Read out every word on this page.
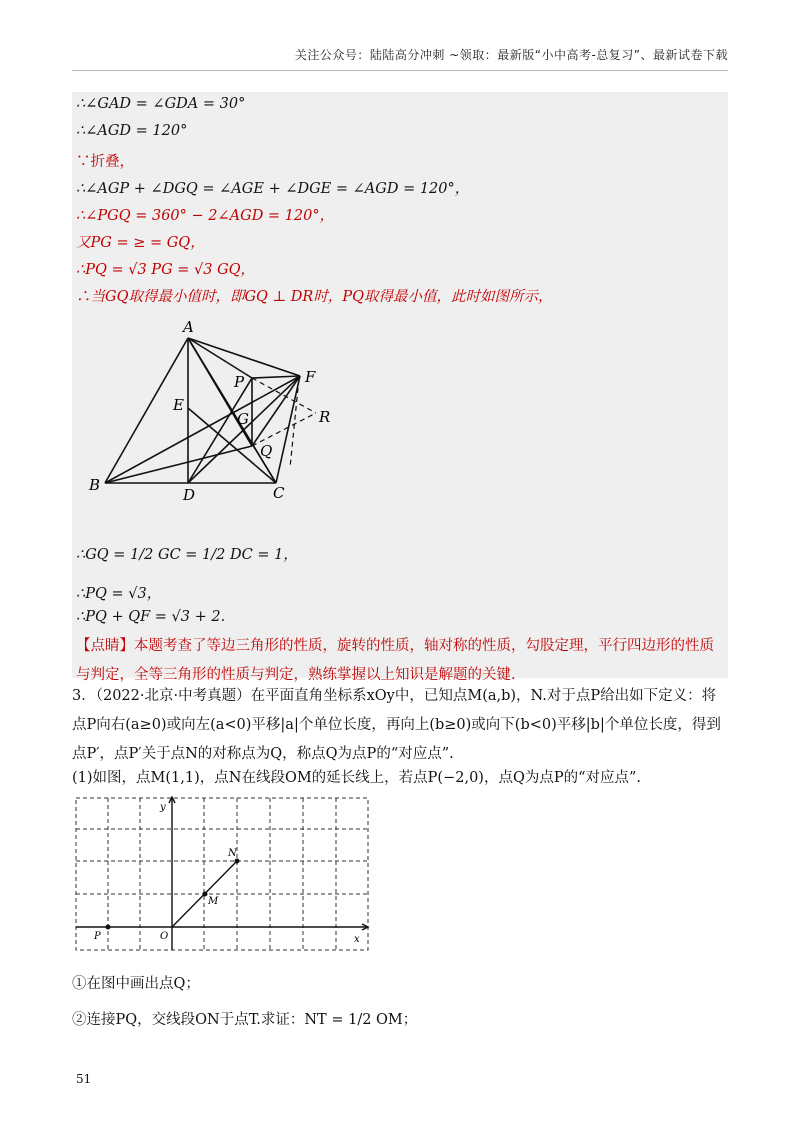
关注公众号：陆陆高分冲刺 ~领取：最新版“小中高考-总复习”、最新试卷下载
∴∠GAD = ∠GDA = 30°
∴∠AGD = 120°
∵折叠，
∴∠AGP + ∠DGQ = ∠AGE + ∠DGE = ∠AGD = 120°，
∴∠PGQ = 360° − 2∠AGD = 120°，
又PG = ≥ = GQ，
∴PQ = √3 PG = √3 GQ，
∴当GQ取得最小值时，即GQ ⊥ DR时，PQ取得最小值，此时如图所示，
A
B	C
D
E
F
G
P
Q
R
∴GQ = 1/2 GC = 1/2 DC = 1，
∴PQ = √3，
∴PQ + QF = √3 + 2.
【点睛】本题考查了等边三角形的性质，旋转的性质，轴对称的性质，勾股定理，平行四边形的性质与判定，全等三角形的性质与判定，熟练掌握以上知识是解题的关键.
3．（2022·北京·中考真题）在平面直角坐标系xOy中，已知点M(a,b)，N.对于点P给出如下定义：将点P向右(a≥0)或向左(a<0)平移|a|个单位长度，再向上(b≥0)或向下(b<0)平移|b|个单位长度，得到点P′，点P′关于点N的对称点为Q，称点Q为点P的“对应点”.
(1)如图，点M(1,1)，点N在线段OM的延长线上，若点P(−2,0)，点Q为点P的“对应点”.
x
y
O
M
N
P
①在图中画出点Q；
②连接PQ，交线段ON于点T.求证：NT = 1/2 OM；
51
